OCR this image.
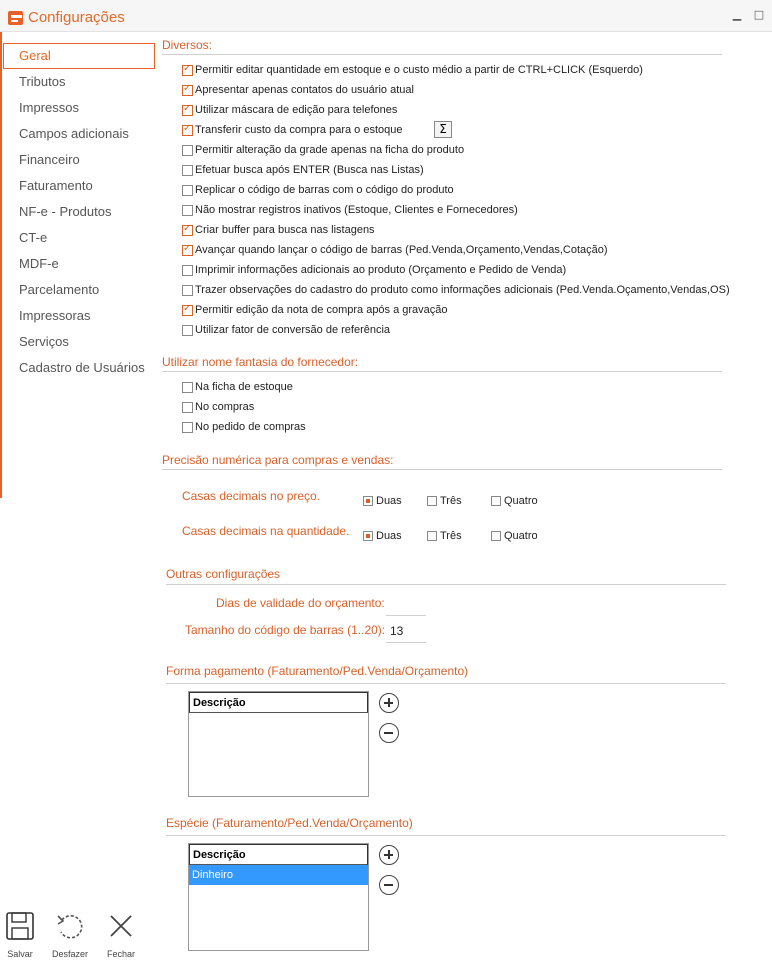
Configurações	▁ □
Geral
Tributos
Impressos
Campos adicionais
Financeiro
Faturamento
NF-e - Produtos
CT-e
MDF-e
Parcelamento
Impressoras
Serviços
Cadastro de Usuários
Diversos:
✓
Permitir editar quantidade em estoque e o custo médio a partir de CTRL+CLICK (Esquerdo)
✓
Apresentar apenas contatos do usuário atual
✓
Utilizar máscara de edição para telefones
✓
Transferir custo da compra para o estoque	Σ
Permitir alteração da grade apenas na ficha do produto
Efetuar busca após ENTER (Busca nas Listas)
Replicar o código de barras com o código do produto
Não mostrar registros inativos (Estoque, Clientes e Fornecedores)
✓
Criar buffer para busca nas listagens
✓
Avançar quando lançar o código de barras (Ped.Venda,Orçamento,Vendas,Cotação)
Imprimir informações adicionais ao produto (Orçamento e Pedido de Venda)
Trazer observações do cadastro do produto como informações adicionais (Ped.Venda.Oçamento,Vendas,OS)
✓
Permitir edição da nota de compra após a gravação
Utilizar fator de conversão de referência
Utilizar nome fantasia do fornecedor:
Na ficha de estoque
No compras
No pedido de compras
Precisão numérica para compras e vendas:
Casas decimais no preço.	Duas	Três	Quatro
Casas decimais na quantidade. Duas	Três	Quatro
Outras configurações
Dias de validade do orçamento:
Tamanho do código de barras (1..20): 13
Forma pagamento (Faturamento/Ped.Venda/Orçamento)
Descrição
Espécie (Faturamento/Ped.Venda/Orçamento)
Descrição
Dinheiro
Salvar	Desfazer	Fechar
